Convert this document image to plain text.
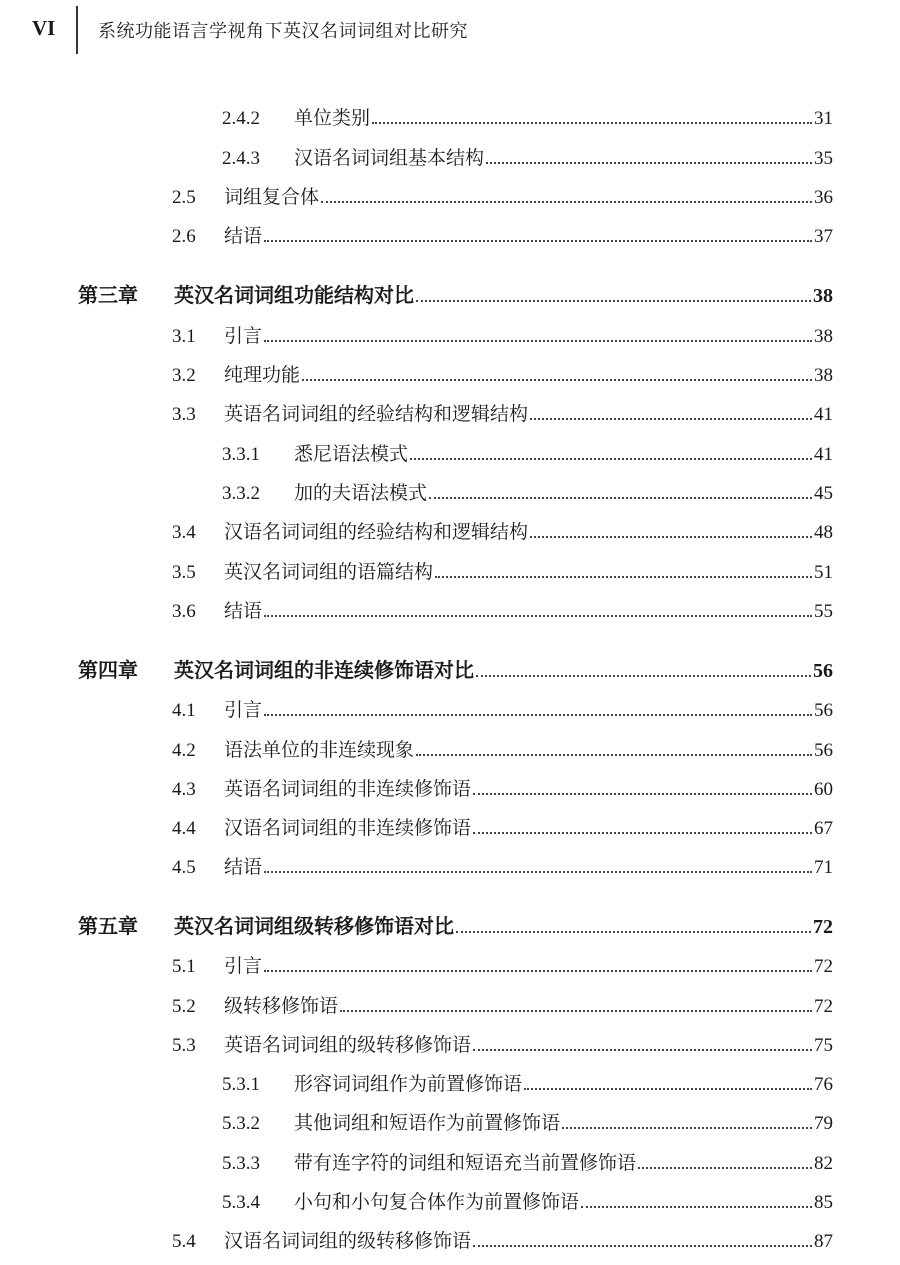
VI 系统功能语言学视角下英汉名词词组对比研究
2.4.2	单位类别	31
2.4.3	汉语名词词组基本结构	35
2.5	词组复合体	36
2.6	结语	37
第三章	英汉名词词组功能结构对比	38
3.1	引言	38
3.2	纯理功能	38
3.3	英语名词词组的经验结构和逻辑结构	41
3.3.1	悉尼语法模式	41
3.3.2	加的夫语法模式	45
3.4	汉语名词词组的经验结构和逻辑结构	48
3.5	英汉名词词组的语篇结构	51
3.6	结语	55
第四章	英汉名词词组的非连续修饰语对比	56
4.1	引言	56
4.2	语法单位的非连续现象	56
4.3	英语名词词组的非连续修饰语	60
4.4	汉语名词词组的非连续修饰语	67
4.5	结语	71
第五章	英汉名词词组级转移修饰语对比	72
5.1	引言	72
5.2	级转移修饰语	72
5.3	英语名词词组的级转移修饰语	75
5.3.1	形容词词组作为前置修饰语	76
5.3.2	其他词组和短语作为前置修饰语	79
5.3.3	带有连字符的词组和短语充当前置修饰语	82
5.3.4	小句和小句复合体作为前置修饰语	85
5.4	汉语名词词组的级转移修饰语	87
